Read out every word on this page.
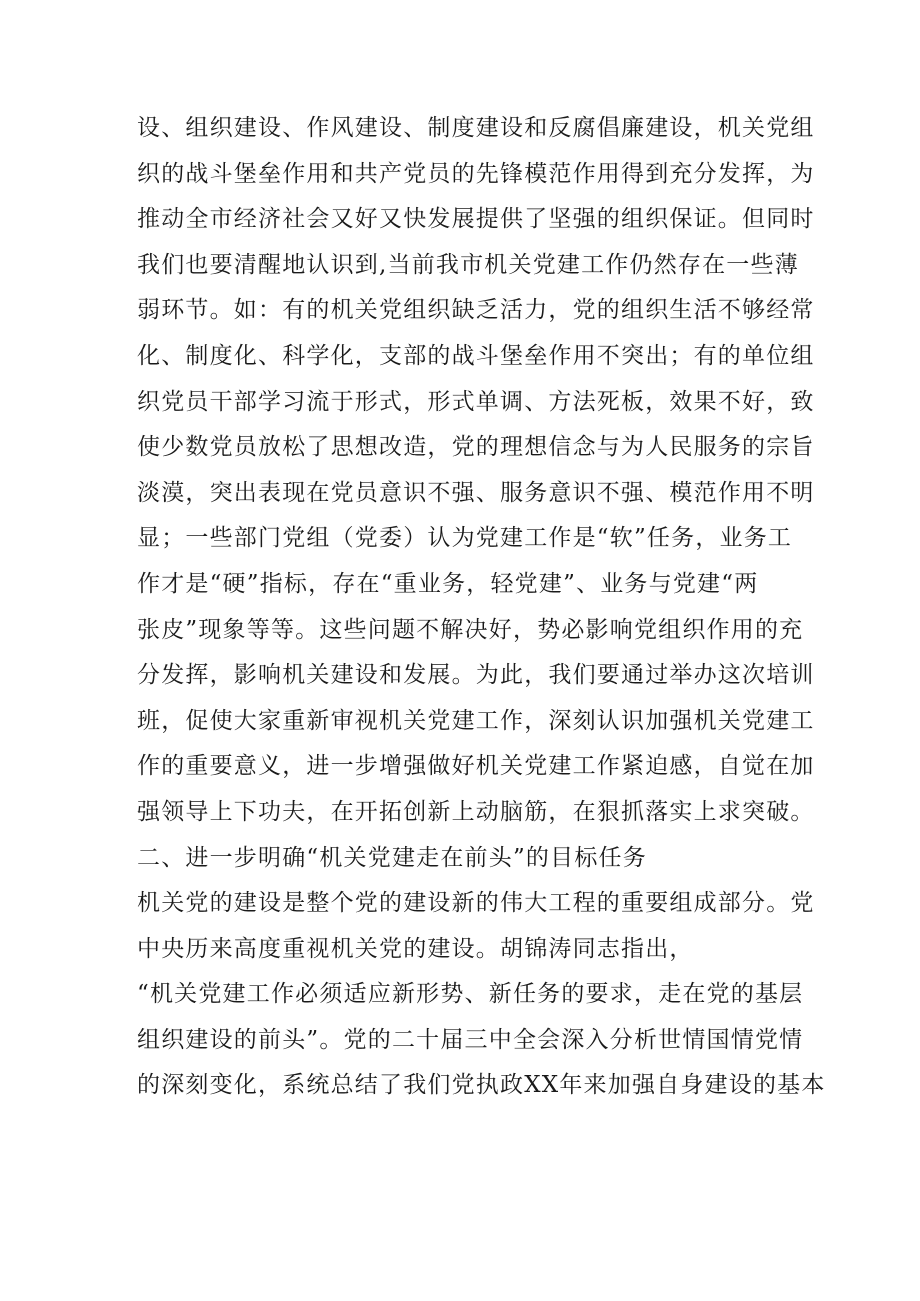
设、组织建设、作风建设、制度建设和反腐倡廉建设，机关党组
织的战斗堡垒作用和共产党员的先锋模范作用得到充分发挥，为
推动全市经济社会又好又快发展提供了坚强的组织保证。但同时
我们也要清醒地认识到,当前我市机关党建工作仍然存在一些薄
弱环节。如：有的机关党组织缺乏活力，党的组织生活不够经常
化、制度化、科学化，支部的战斗堡垒作用不突出；有的单位组
织党员干部学习流于形式，形式单调、方法死板，效果不好，致
使少数党员放松了思想改造，党的理想信念与为人民服务的宗旨
淡漠，突出表现在党员意识不强、服务意识不强、模范作用不明
显；一些部门党组（党委）认为党建工作是“软”任务，业务工
作才是“硬”指标，存在“重业务，轻党建”、业务与党建“两
张皮”现象等等。这些问题不解决好，势必影响党组织作用的充
分发挥，影响机关建设和发展。为此，我们要通过举办这次培训
班，促使大家重新审视机关党建工作，深刻认识加强机关党建工
作的重要意义，进一步增强做好机关党建工作紧迫感，自觉在加
强领导上下功夫，在开拓创新上动脑筋，在狠抓落实上求突破。
二、进一步明确“机关党建走在前头”的目标任务
机关党的建设是整个党的建设新的伟大工程的重要组成部分。党
中央历来高度重视机关党的建设。胡锦涛同志指出，
“机关党建工作必须适应新形势、新任务的要求，走在党的基层
组织建设的前头”。党的二十届三中全会深入分析世情国情党情
的深刻变化，系统总结了我们党执政XX年来加强自身建设的基本
